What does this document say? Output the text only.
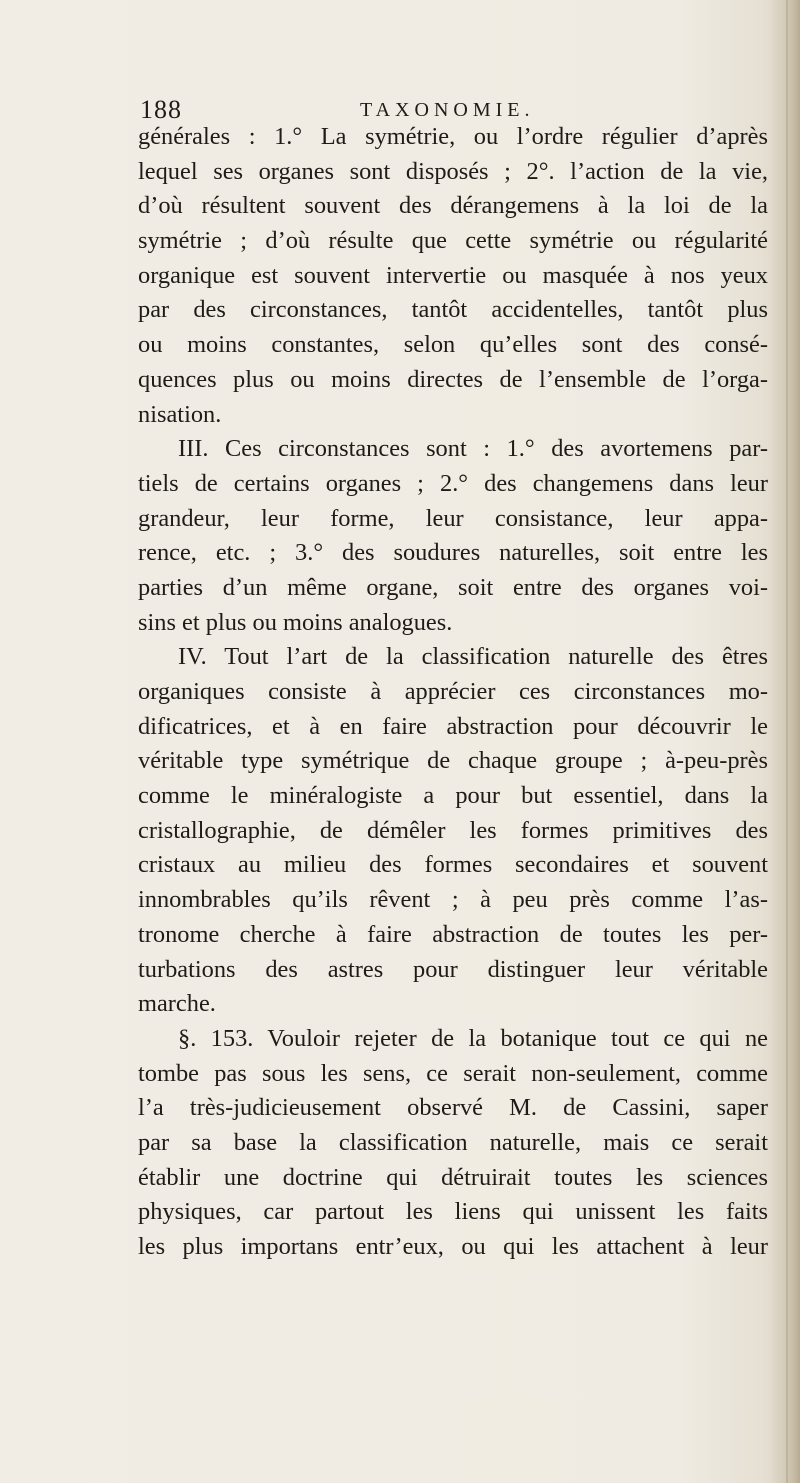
188	TAXONOMIE.
générales : 1.° La symétrie, ou l’ordre régulier d’après
lequel ses organes sont disposés ; 2°. l’action de la vie,
d’où résultent souvent des dérangemens à la loi de la
symétrie ; d’où résulte que cette symétrie ou régularité
organique est souvent intervertie ou masquée à nos yeux
par des circonstances, tantôt accidentelles, tantôt plus
ou moins constantes, selon qu’elles sont des consé-
quences plus ou moins directes de l’ensemble de l’orga-
nisation.
III. Ces circonstances sont : 1.° des avortemens par-
tiels de certains organes ; 2.° des changemens dans leur
grandeur, leur forme, leur consistance, leur appa-
rence, etc. ; 3.° des soudures naturelles, soit entre les
parties d’un même organe, soit entre des organes voi-
sins et plus ou moins analogues.
IV. Tout l’art de la classification naturelle des êtres
organiques consiste à apprécier ces circonstances mo-
dificatrices, et à en faire abstraction pour découvrir le
véritable type symétrique de chaque groupe ; à-peu-près
comme le minéralogiste a pour but essentiel, dans la
cristallographie, de démêler les formes primitives des
cristaux au milieu des formes secondaires et souvent
innombrables qu’ils rêvent ; à peu près comme l’as-
tronome cherche à faire abstraction de toutes les per-
turbations des astres pour distinguer leur véritable
marche.
§. 153. Vouloir rejeter de la botanique tout ce qui ne
tombe pas sous les sens, ce serait non-seulement, comme
l’a très-judicieusement observé M. de Cassini, saper
par sa base la classification naturelle, mais ce serait
établir une doctrine qui détruirait toutes les sciences
physiques, car partout les liens qui unissent les faits
les plus importans entr’eux, ou qui les attachent à leur
